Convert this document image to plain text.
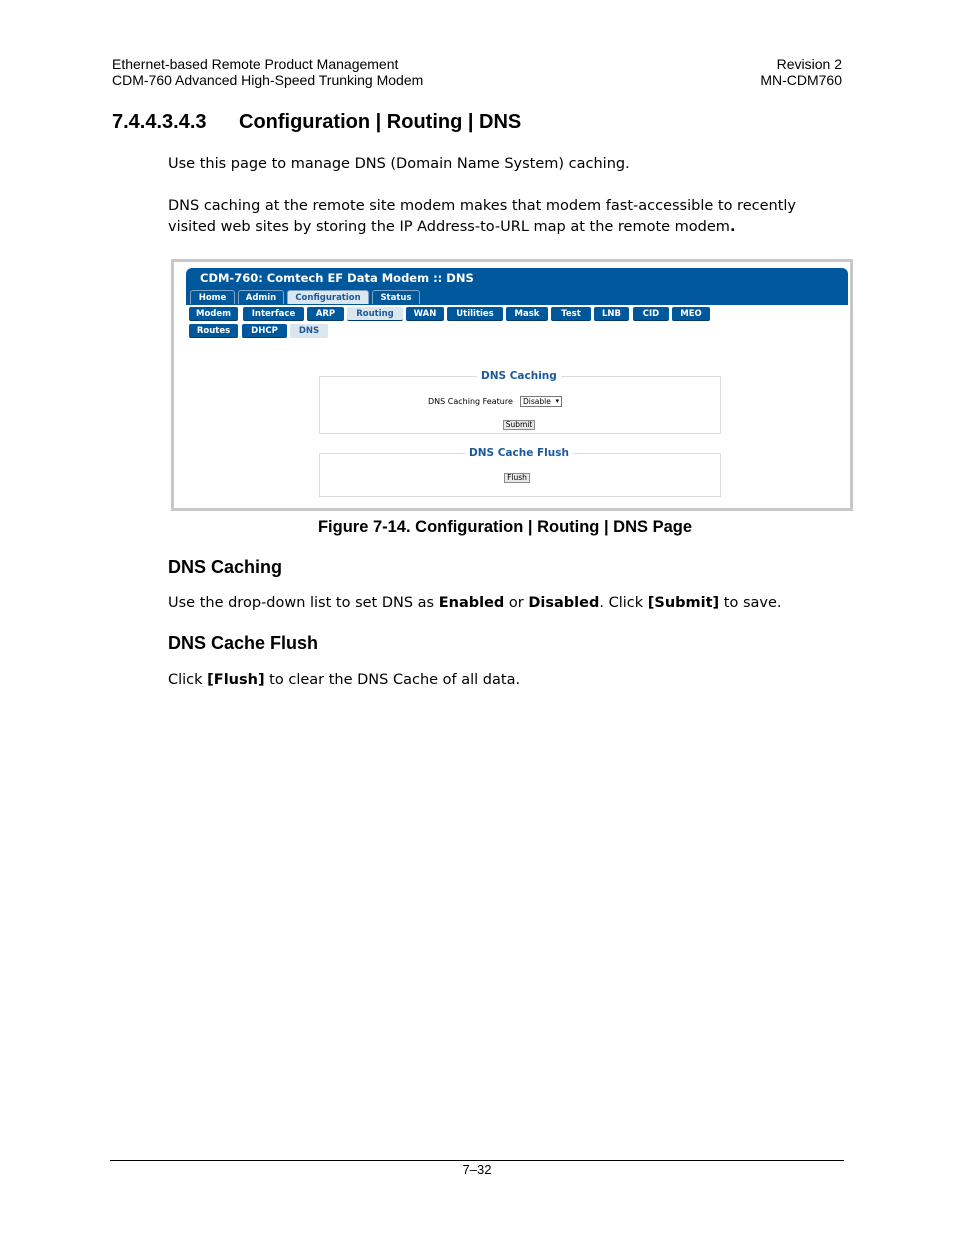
Ethernet-based Remote Product Management
CDM-760 Advanced High-Speed Trunking Modem
Revision 2
MN-CDM760
7.4.4.3.4.3 Configuration | Routing | DNS
Use this page to manage DNS (Domain Name System) caching.
DNS caching at the remote site modem makes that modem fast-accessible to recently visited web sites by storing the IP Address-to-URL map at the remote modem.
CDM-760: Comtech EF Data Modem :: DNS
Home	Admin	Configuration	Status
Modem	Interface	ARP	Routing	WAN	Utilities	Mask	Test	LNB	CID	MEO
Routes	DHCP	DNS
DNS Caching
DNS Caching Feature	Disable ▾
Submit
DNS Cache Flush
Flush
Figure 7-14. Configuration | Routing | DNS Page
DNS Caching
Use the drop-down list to set DNS as Enabled or Disabled. Click [Submit] to save.
DNS Cache Flush
Click [Flush] to clear the DNS Cache of all data.
7–32
